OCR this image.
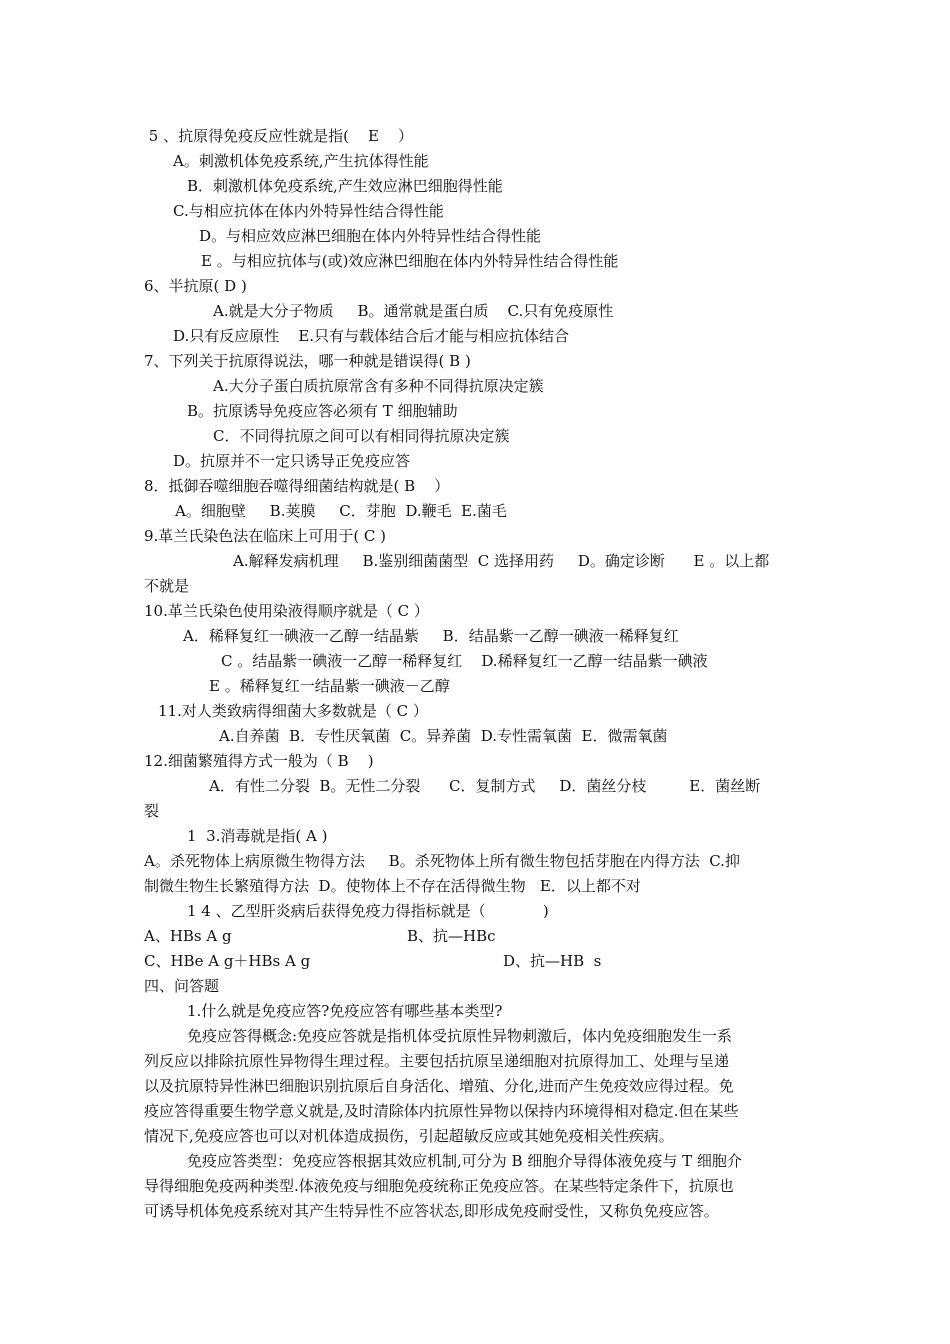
5 、抗原得免疫反应性就是指(    E    ）
A。刺激机体免疫系统,产生抗体得性能
B．刺激机体免疫系统,产生效应淋巴细胞得性能
C.与相应抗体在体内外特异性结合得性能
D。与相应效应淋巴细胞在体内外特异性结合得性能
E 。与相应抗体与(或)效应淋巴细胞在体内外特异性结合得性能
6、半抗原( D )
A.就是大分子物质     B。通常就是蛋白质    C.只有免疫原性
D.只有反应原性    E.只有与载体结合后才能与相应抗体结合
7、下列关于抗原得说法，哪一种就是错误得( B )
A.大分子蛋白质抗原常含有多种不同得抗原决定簇
B。抗原诱导免疫应答必须有 T 细胞辅助
C．不同得抗原之间可以有相同得抗原决定簇
D。抗原并不一定只诱导正免疫应答
8．抵御吞噬细胞吞噬得细菌结构就是( B    ）
A。细胞壁     B.荚膜     C．芽胞  D.鞭毛  E.菌毛
9.革兰氏染色法在临床上可用于( C )
A.解释发病机理     B.鉴别细菌菌型  C 选择用药     D。确定诊断      E 。以上都
不就是
10.革兰氏染色使用染液得顺序就是（ C ）
A．稀释复红一碘液一乙醇一结晶紫     B．结晶紫一乙醇一碘液一稀释复红
C 。结晶紫一碘液一乙醇一稀释复红    D.稀释复红一乙醇一结晶紫一碘液
E 。稀释复红一结晶紫一碘液－乙醇
11.对人类致病得细菌大多数就是（ C ）
A.自养菌  B．专性厌氧菌  C。异养菌  D.专性需氧菌  E．微需氧菌
12.细菌繁殖得方式一般为（ B    )
A．有性二分裂  B。无性二分裂      C．复制方式     D．菌丝分枝         E．菌丝断
裂
1  3.消毒就是指( A )
A。杀死物体上病原微生物得方法     B。杀死物体上所有微生物包括芽胞在内得方法  C.抑
制微生物生长繁殖得方法  D。使物体上不存在活得微生物   E．以上都不对
1 4 、乙型肝炎病后获得免疫力得指标就是（            )
A、HBs A g	B、抗—HBc
C、HBe A g＋HBs A g	D、抗—HB  s
四、问答题
1.什么就是免疫应答?免疫应答有哪些基本类型?
免疫应答得概念:免疫应答就是指机体受抗原性异物刺激后，体内免疫细胞发生一系
列反应以排除抗原性异物得生理过程。主要包括抗原呈递细胞对抗原得加工、处理与呈递
以及抗原特异性淋巴细胞识别抗原后自身活化、增殖、分化,进而产生免疫效应得过程。免
疫应答得重要生物学意义就是,及时清除体内抗原性异物以保持内环境得相对稳定.但在某些
情况下,免疫应答也可以对机体造成损伤，引起超敏反应或其她免疫相关性疾病。
免疫应答类型：免疫应答根据其效应机制,可分为 B 细胞介导得体液免疫与 T 细胞介
导得细胞免疫两种类型.体液免疫与细胞免疫统称正免疫应答。在某些特定条件下，抗原也
可诱导机体免疫系统对其产生特异性不应答状态,即形成免疫耐受性，又称负免疫应答。
